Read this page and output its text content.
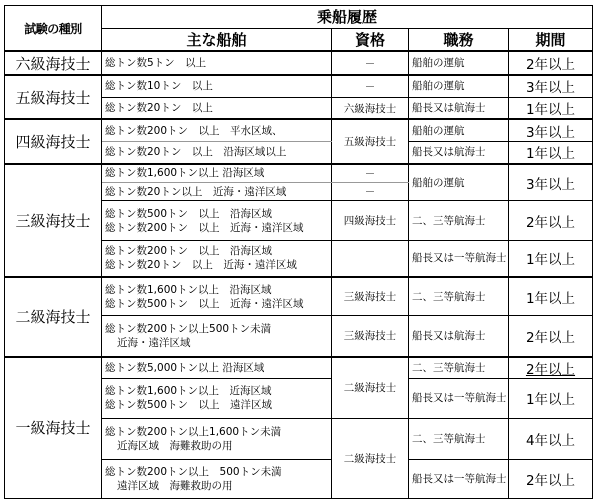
試験の種別	乗船履歴			
	主な船舶	資格	職務	期間
六級海技士	総トン数5トン　以上	－	船舶の運航	2年以上
五級海技士	総トン数10トン　以上	－	船舶の運航	3年以上
	総トン数20トン　以上	六級海技士	船長又は航海士	1年以上
四級海技士	総トン数200トン　以上　平水区域、	五級海技士	船舶の運航	3年以上
	総トン数20トン　以上　沿海区域以上		船長又は航海士	1年以上
三級海技士	総トン数1,600トン以上 沿海区域	－	船舶の運航	3年以上
	総トン数20トン以上　近海・遠洋区域	－		

	総トン数500トン　以上　沿海区域
総トン数200トン　以上　近海・遠洋区域	四級海技士	二、三等航海士	2年以上

	総トン数200トン　以上　沿海区域
総トン数20トン　以上　近海・遠洋区域		船長又は一等航海士	1年以上
二級海技士	総トン数1,600トン以上　沿海区域
総トン数500トン　以上　近海・遠洋区域	三級海技士	二、三等航海士	1年以上

	総トン数200トン以上500トン未満
近海・遠洋区域	三級海技士	船長又は航海士	2年以上
一級海技士	総トン数5,000トン以上 沿海区域	二級海技士	二、三等航海士	2年以上

	総トン数1,600トン以上　近海区域
総トン数500トン　以上　遠洋区域		船長又は一等航海士	1年以上

	総トン数200トン以上1,600トン未満
近海区域　海難救助の用	二級海技士	二、三等航海士	4年以上

	総トン数200トン以上　500トン未満
遠洋区域　海難救助の用		船長又は一等航海士	2年以上
